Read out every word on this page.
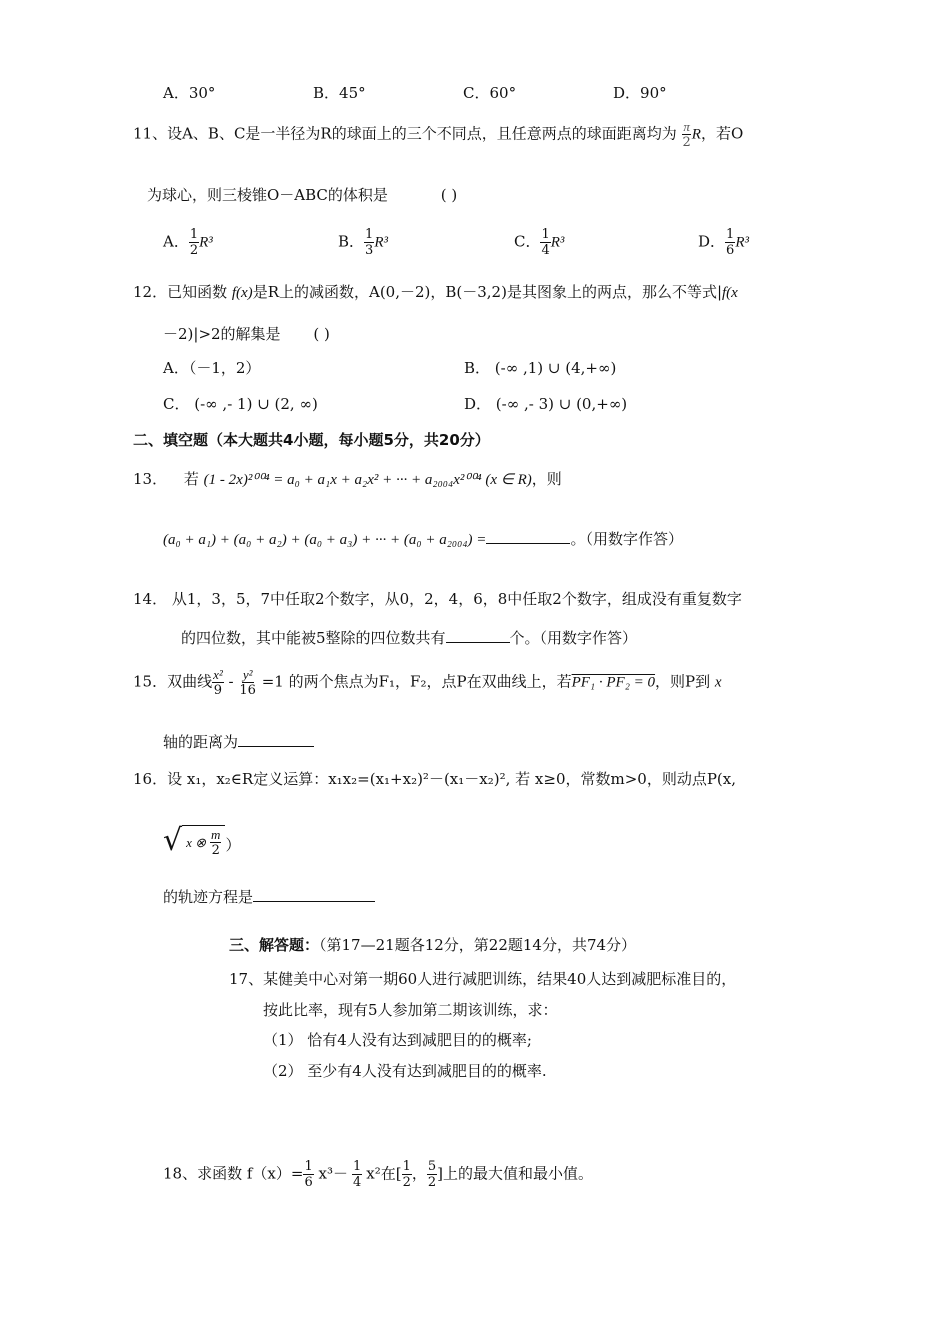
A．30°	B．45°	C．60°	D．90°
11、设A、B、C是一半径为R的球面上的三个不同点，且任意两点的球面距离均为 $\frac{\pi}{2}$ R，若O
为球心，则三棱锥O－ABC的体积是	( )
A． $\frac{1}{2} R^3$	B． $\frac{1}{3} R^3$	C． $\frac{1}{4} R^3$	D． $\frac{1}{6} R^3$
12．已知函数 f(x)是R上的减函数，A(0,－2)，B(－3,2)是其图象上的两点，那么不等式|f(x
－2)|>2的解集是 ( )
A．（－1，2）	B． (-∞ ,1) ∪ (4,+∞)
C． (-∞ ,- 1) ∪ (2, ∞)	D． (-∞ ,- 3) ∪ (0,+∞)
二、填空题（本大题共4小题，每小题5分，共20分）
13． 若 (1 - 2x)²⁰⁰⁴ = a₀ + a₁x + a₂x² + ··· + a₂₀₀₄x²⁰⁰⁴ (x ∈ R)，则
(a₀ + a₁) + (a₀ + a₂) + (a₀ + a₃) + ··· + (a₀ + a₂₀₀₄) =	。（用数字作答）
14． 从1，3，5，7中任取2个数字，从0，2，4，6，8中任取2个数字，组成没有重复数字
的四位数，其中能被5整除的四位数共有	个。（用数字作答）
15．双曲线 $\frac{\text{x²}}{9} - \frac{\text{y²}}{16} =1$ 的两个焦点为F₁，F₂，点P在双曲线上，若PF₁ · PF₂ = 0，则P到 x
轴的距离为
16．设 x₁，x₂∈R定义运算：x₁x₂=(x₁+x₂)²－(x₁－x₂)², 若 x≥0，常数m>0，则动点P(x,
√ x ⊗ $\frac{m}{2}$ ）
的轨迹方程是
三、解答题：（第17—21题各12分，第22题14分，共74分）
17、某健美中心对第一期60人进行减肥训练，结果40人达到减肥标准目的，
按此比率，现有5人参加第二期该训练，求：
（1） 恰有4人没有达到减肥目的的概率;
（2） 至少有4人没有达到减肥目的的概率.
18、求函数 $f(x)= \frac{1}{6} x^3- \frac{1}{4} x^2$在[ $\frac{1}{2}$ ， $\frac{5}{2}$ ]上的最大值和最小值。
